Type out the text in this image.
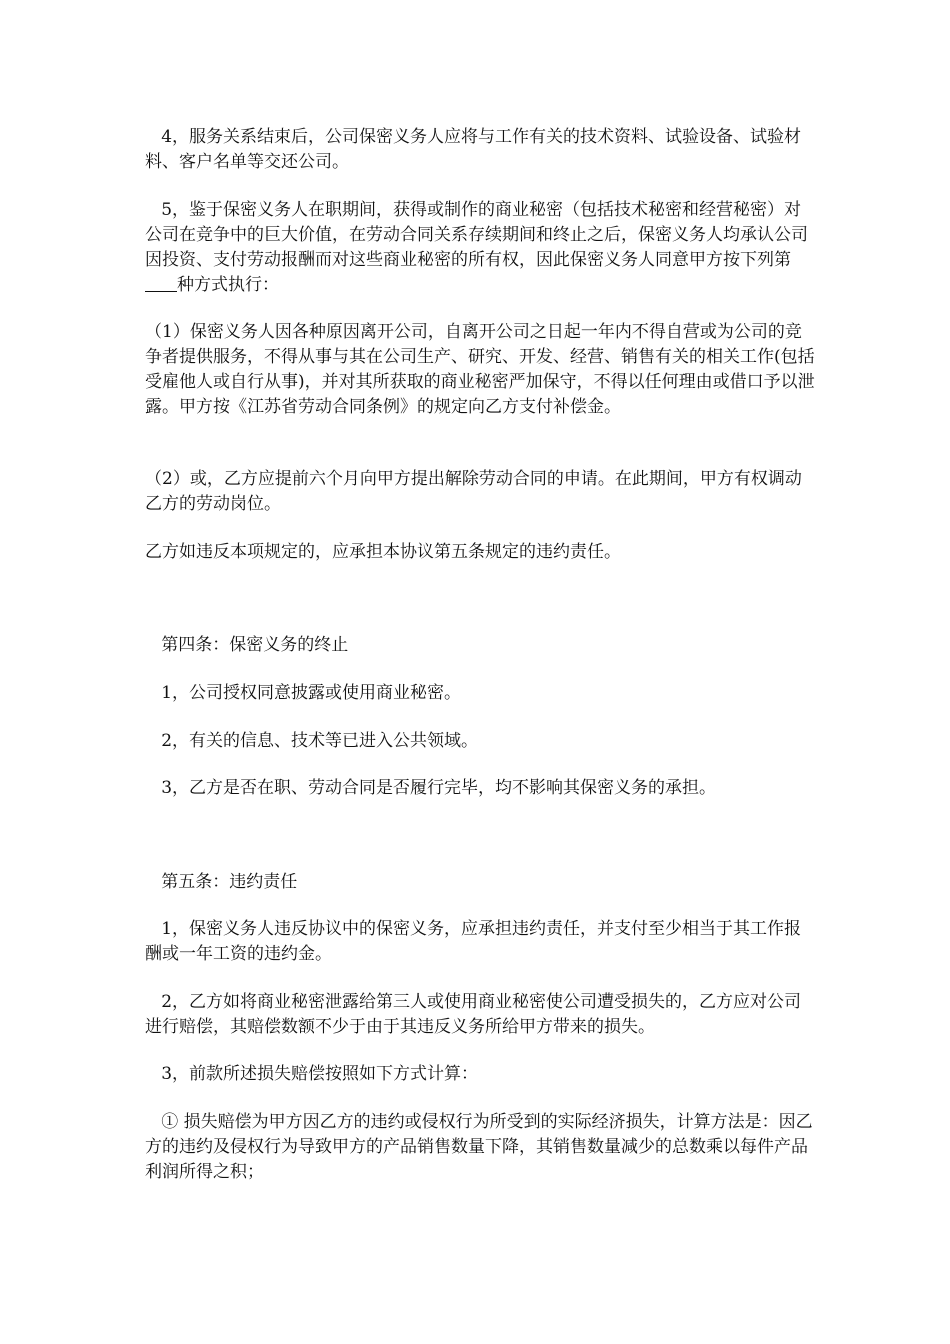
4，服务关系结束后，公司保密义务人应将与工作有关的技术资料、试验设备、试验材料、客户名单等交还公司。

5，鉴于保密义务人在职期间，获得或制作的商业秘密（包括技术秘密和经营秘密）对公司在竞争中的巨大价值，在劳动合同关系存续期间和终止之后，保密义务人均承认公司因投资、支付劳动报酬而对这些商业秘密的所有权，因此保密义务人同意甲方按下列第种方式执行：

（1）保密义务人因各种原因离开公司，自离开公司之日起一年内不得自营或为公司的竞争者提供服务，不得从事与其在公司生产、研究、开发、经营、销售有关的相关工作(包括受雇他人或自行从事)，并对其所获取的商业秘密严加保守，不得以任何理由或借口予以泄露。甲方按《江苏省劳动合同条例》的规定向乙方支付补偿金。

（2）或，乙方应提前六个月向甲方提出解除劳动合同的申请。在此期间，甲方有权调动乙方的劳动岗位。

乙方如违反本项规定的，应承担本协议第五条规定的违约责任。

第四条：保密义务的终止

1，公司授权同意披露或使用商业秘密。

2，有关的信息、技术等已进入公共领域。

3，乙方是否在职、劳动合同是否履行完毕，均不影响其保密义务的承担。

第五条：违约责任

1，保密义务人违反协议中的保密义务，应承担违约责任，并支付至少相当于其工作报酬或一年工资的违约金。

2，乙方如将商业秘密泄露给第三人或使用商业秘密使公司遭受损失的，乙方应对公司进行赔偿，其赔偿数额不少于由于其违反义务所给甲方带来的损失。

3，前款所述损失赔偿按照如下方式计算：

① 损失赔偿为甲方因乙方的违约或侵权行为所受到的实际经济损失，计算方法是：因乙方的违约及侵权行为导致甲方的产品销售数量下降，其销售数量减少的总数乘以每件产品利润所得之积；
